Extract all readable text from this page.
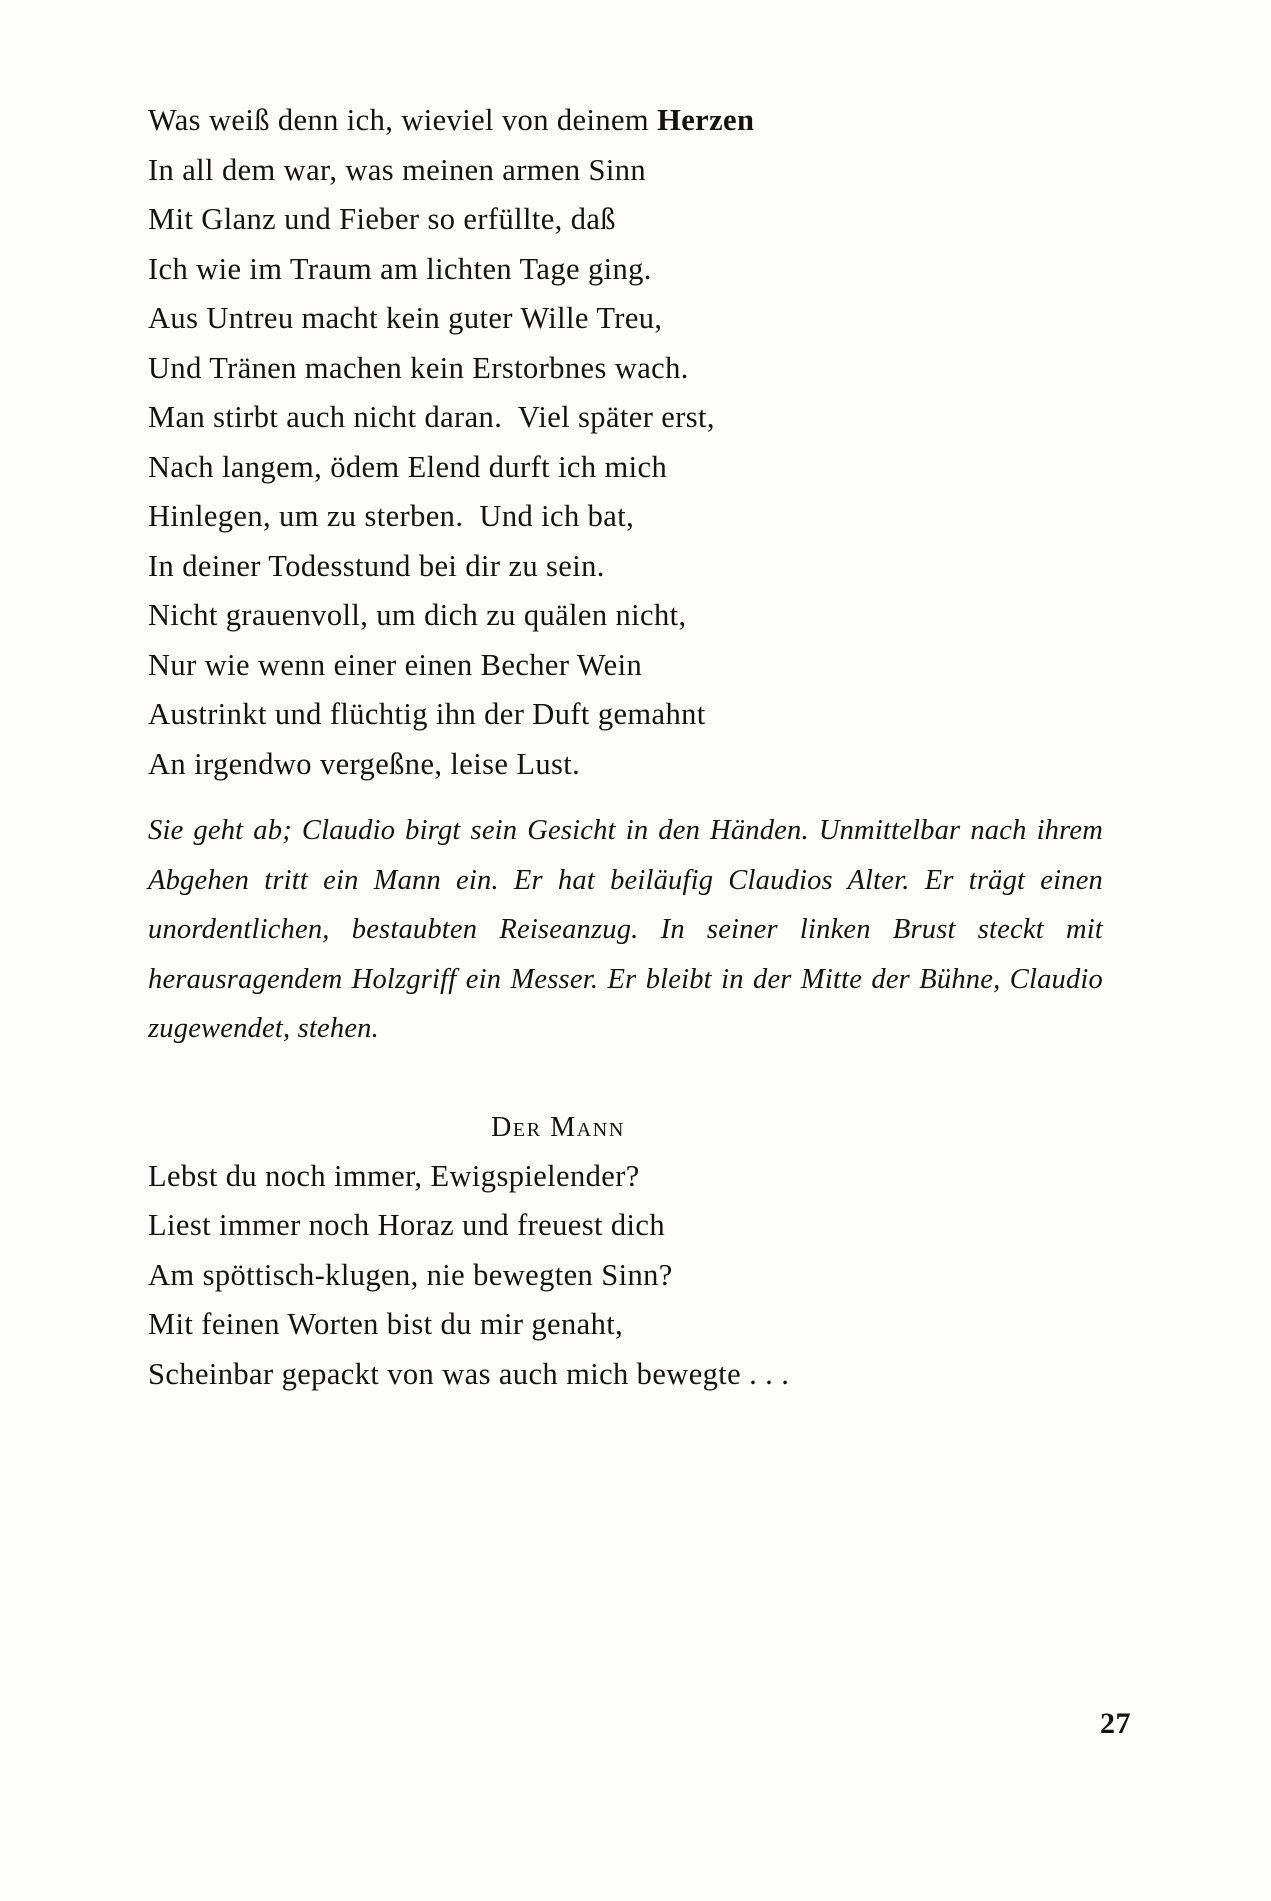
Was weiß denn ich, wieviel von deinem Herzen
In all dem war, was meinen armen Sinn
Mit Glanz und Fieber so erfüllte, daß
Ich wie im Traum am lichten Tage ging.
Aus Untreu macht kein guter Wille Treu,
Und Tränen machen kein Erstorbnes wach.
Man stirbt auch nicht daran.  Viel später erst,
Nach langem, ödem Elend durft ich mich
Hinlegen, um zu sterben.  Und ich bat,
In deiner Todesstund bei dir zu sein.
Nicht grauenvoll, um dich zu quälen nicht,
Nur wie wenn einer einen Becher Wein
Austrinkt und flüchtig ihn der Duft gemahnt
An irgendwo vergeßne, leise Lust.

Sie geht ab; Claudio birgt sein Gesicht in den Händen. Unmittelbar nach ihrem Abgehen tritt ein Mann ein. Er hat beiläufig Claudios Alter. Er trägt einen unordentlichen, bestaubten Reiseanzug. In seiner linken Brust steckt mit herausragendem Holzgriff ein Messer. Er bleibt in der Mitte der Bühne, Claudio zugewendet, stehen.

Der Mann
Lebst du noch immer, Ewigspielender?
Liest immer noch Horaz und freuest dich
Am spöttisch-klugen, nie bewegten Sinn?
Mit feinen Worten bist du mir genaht,
Scheinbar gepackt von was auch mich bewegte . . .
27
